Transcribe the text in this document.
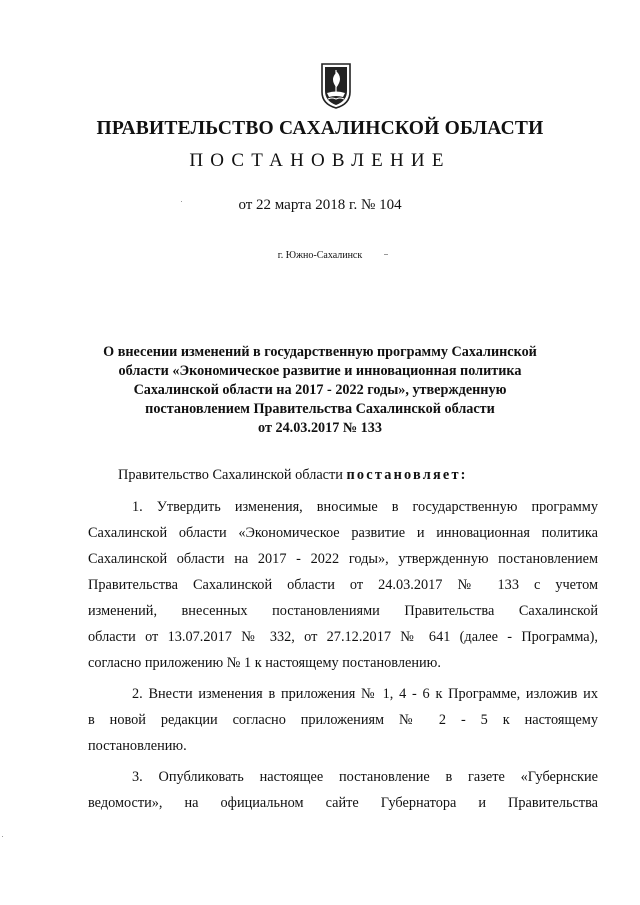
ПРАВИТЕЛЬСТВО САХАЛИНСКОЙ ОБЛАСТИ
ПОСТАНОВЛЕНИЕ
от 22 марта 2018 г. № 104
г. Южно-Сахалинск
О внесении изменений в государственную программу Сахалинской
области «Экономическое развитие и инновационная политика
Сахалинской области на 2017 - 2022 годы», утвержденную
постановлением Правительства Сахалинской области
от 24.03.2017 № 133
Правительство Сахалинской области постановляет:
1. Утвердить изменения, вносимые в государственную программу
Сахалинской области «Экономическое развитие и инновационная политика
Сахалинской области на 2017 - 2022 годы», утвержденную постановлением
Правительства Сахалинской области от 24.03.2017 № 133 с учетом
изменений, внесенных постановлениями Правительства Сахалинской
области от 13.07.2017 № 332, от 27.12.2017 № 641 (далее - Программа),
согласно приложению № 1 к настоящему постановлению.
2. Внести изменения в приложения № 1, 4 - 6 к Программе, изложив их
в новой редакции согласно приложениям № 2 - 5 к настоящему
постановлению.
3. Опубликовать настоящее постановление в газете «Губернские
ведомости», на официальном сайте Губернатора и Правительства
